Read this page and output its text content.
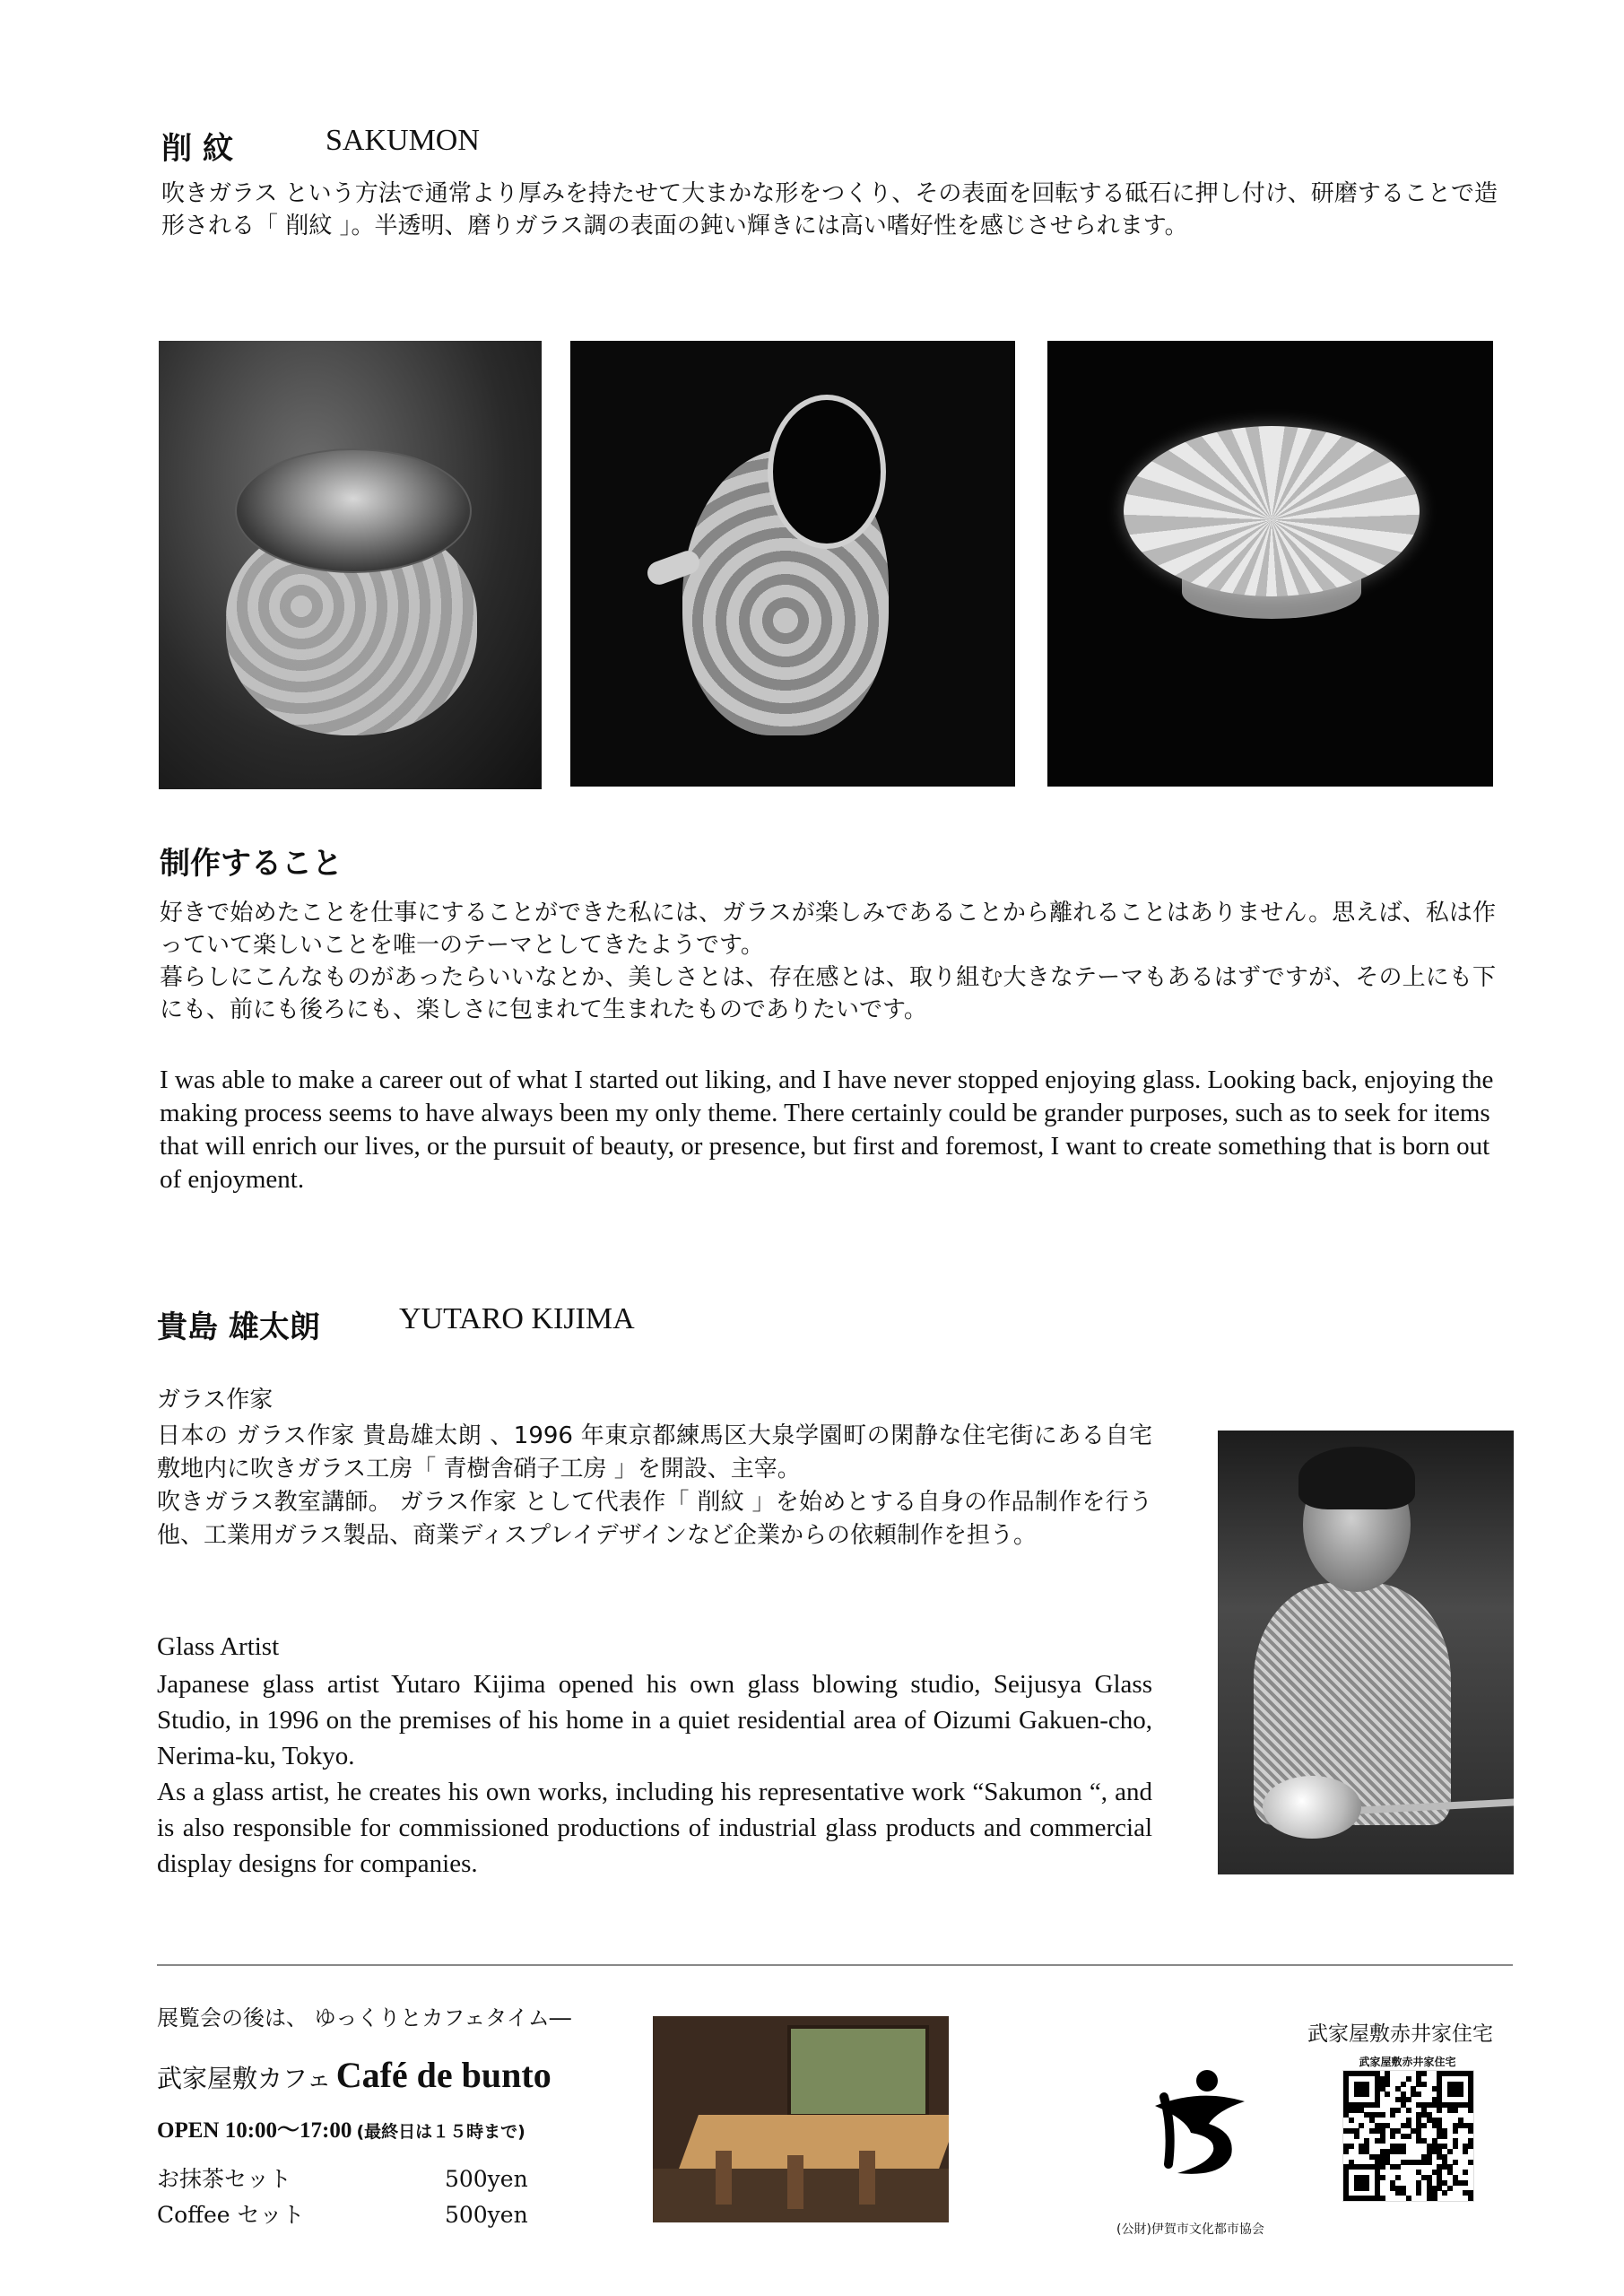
削 紋	SAKUMON
吹きガラス という方法で通常より厚みを持たせて大まかな形をつくり、その表面を回転する砥石に押し付け、研磨することで造形される「 削紋 」。半透明、磨りガラス調の表面の鈍い輝きには高い嗜好性を感じさせられます。
制作すること
好きで始めたことを仕事にすることができた私には、ガラスが楽しみであることから離れることはありません。思えば、私は作っていて楽しいことを唯一のテーマとしてきたようです。
暮らしにこんなものがあったらいいなとか、美しさとは、存在感とは、取り組む大きなテーマもあるはずですが、その上にも下にも、前にも後ろにも、楽しさに包まれて生まれたものでありたいです。
I was able to make a career out of what I started out liking, and I have never stopped enjoying glass. Looking back, enjoying the making process seems to have always been my only theme. There certainly could be grander purposes, such as to seek for items that will enrich our lives, or the pursuit of beauty, or presence, but first and foremost, I want to create something that is born out of enjoyment.
貴島 雄太朗	YUTARO KIJIMA
ガラス作家
日本の ガラス作家 貴島雄太朗 、1996 年東京都練馬区大泉学園町の閑静な住宅街にある自宅敷地内に吹きガラス工房「 青樹舎硝子工房 」を開設、主宰。
吹きガラス教室講師。 ガラス作家 として代表作「 削紋 」を始めとする自身の作品制作を行う他、工業用ガラス製品、商業ディスプレイデザインなど企業からの依頼制作を担う。
Glass Artist
Japanese glass artist Yutaro Kijima opened his own glass blowing studio, Seijusya Glass Studio, in 1996 on the premises of his home in a quiet residential area of Oizumi Gakuen-cho, Nerima-ku, Tokyo.
As a glass artist, he creates his own works, including his representative work “Sakumon “, and is also responsible for commissioned productions of industrial glass products and commercial display designs for companies.
展覧会の後は、 ゆっくりとカフェタイム―
武家屋敷カフェ Café de bunto
OPEN 10:00～17:00 (最終日は１５時まで)
お抹茶セット	500yen
Coffee セット	500yen
(公財)伊賀市文化都市協会
武家屋敷赤井家住宅
武家屋敷赤井家住宅
